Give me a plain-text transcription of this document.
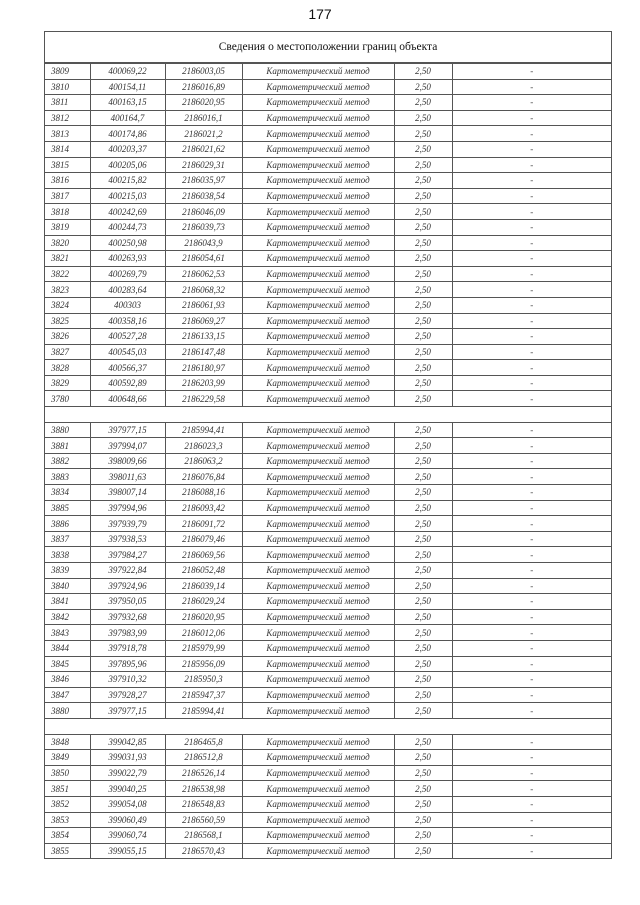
177
Сведения о местоположении границ объекта
3809	400069,22	2186003,05	Картометрический метод	2,50	-
3810	400154,11	2186016,89	Картометрический метод	2,50	-
3811	400163,15	2186020,95	Картометрический метод	2,50	-
3812	400164,7	2186016,1	Картометрический метод	2,50	-
3813	400174,86	2186021,2	Картометрический метод	2,50	-
3814	400203,37	2186021,62	Картометрический метод	2,50	-
3815	400205,06	2186029,31	Картометрический метод	2,50	-
3816	400215,82	2186035,97	Картометрический метод	2,50	-
3817	400215,03	2186038,54	Картометрический метод	2,50	-
3818	400242,69	2186046,09	Картометрический метод	2,50	-
3819	400244,73	2186039,73	Картометрический метод	2,50	-
3820	400250,98	2186043,9	Картометрический метод	2,50	-
3821	400263,93	2186054,61	Картометрический метод	2,50	-
3822	400269,79	2186062,53	Картометрический метод	2,50	-
3823	400283,64	2186068,32	Картометрический метод	2,50	-
3824	400303	2186061,93	Картометрический метод	2,50	-
3825	400358,16	2186069,27	Картометрический метод	2,50	-
3826	400527,28	2186133,15	Картометрический метод	2,50	-
3827	400545,03	2186147,48	Картометрический метод	2,50	-
3828	400566,37	2186180,97	Картометрический метод	2,50	-
3829	400592,89	2186203,99	Картометрический метод	2,50	-
3780	400648,66	2186229,58	Картометрический метод	2,50	-

3880	397977,15	2185994,41	Картометрический метод	2,50	-
3881	397994,07	2186023,3	Картометрический метод	2,50	-
3882	398009,66	2186063,2	Картометрический метод	2,50	-
3883	398011,63	2186076,84	Картометрический метод	2,50	-
3834	398007,14	2186088,16	Картометрический метод	2,50	-
3885	397994,96	2186093,42	Картометрический метод	2,50	-
3886	397939,79	2186091,72	Картометрический метод	2,50	-
3837	397938,53	2186079,46	Картометрический метод	2,50	-
3838	397984,27	2186069,56	Картометрический метод	2,50	-
3839	397922,84	2186052,48	Картометрический метод	2,50	-
3840	397924,96	2186039,14	Картометрический метод	2,50	-
3841	397950,05	2186029,24	Картометрический метод	2,50	-
3842	397932,68	2186020,95	Картометрический метод	2,50	-
3843	397983,99	2186012,06	Картометрический метод	2,50	-
3844	397918,78	2185979,99	Картометрический метод	2,50	-
3845	397895,96	2185956,09	Картометрический метод	2,50	-
3846	397910,32	2185950,3	Картометрический метод	2,50	-
3847	397928,27	2185947,37	Картометрический метод	2,50	-
3880	397977,15	2185994,41	Картометрический метод	2,50	-

3848	399042,85	2186465,8	Картометрический метод	2,50	-
3849	399031,93	2186512,8	Картометрический метод	2,50	-
3850	399022,79	2186526,14	Картометрический метод	2,50	-
3851	399040,25	2186538,98	Картометрический метод	2,50	-
3852	399054,08	2186548,83	Картометрический метод	2,50	-
3853	399060,49	2186560,59	Картометрический метод	2,50	-
3854	399060,74	2186568,1	Картометрический метод	2,50	-
3855	399055,15	2186570,43	Картометрический метод	2,50	-
